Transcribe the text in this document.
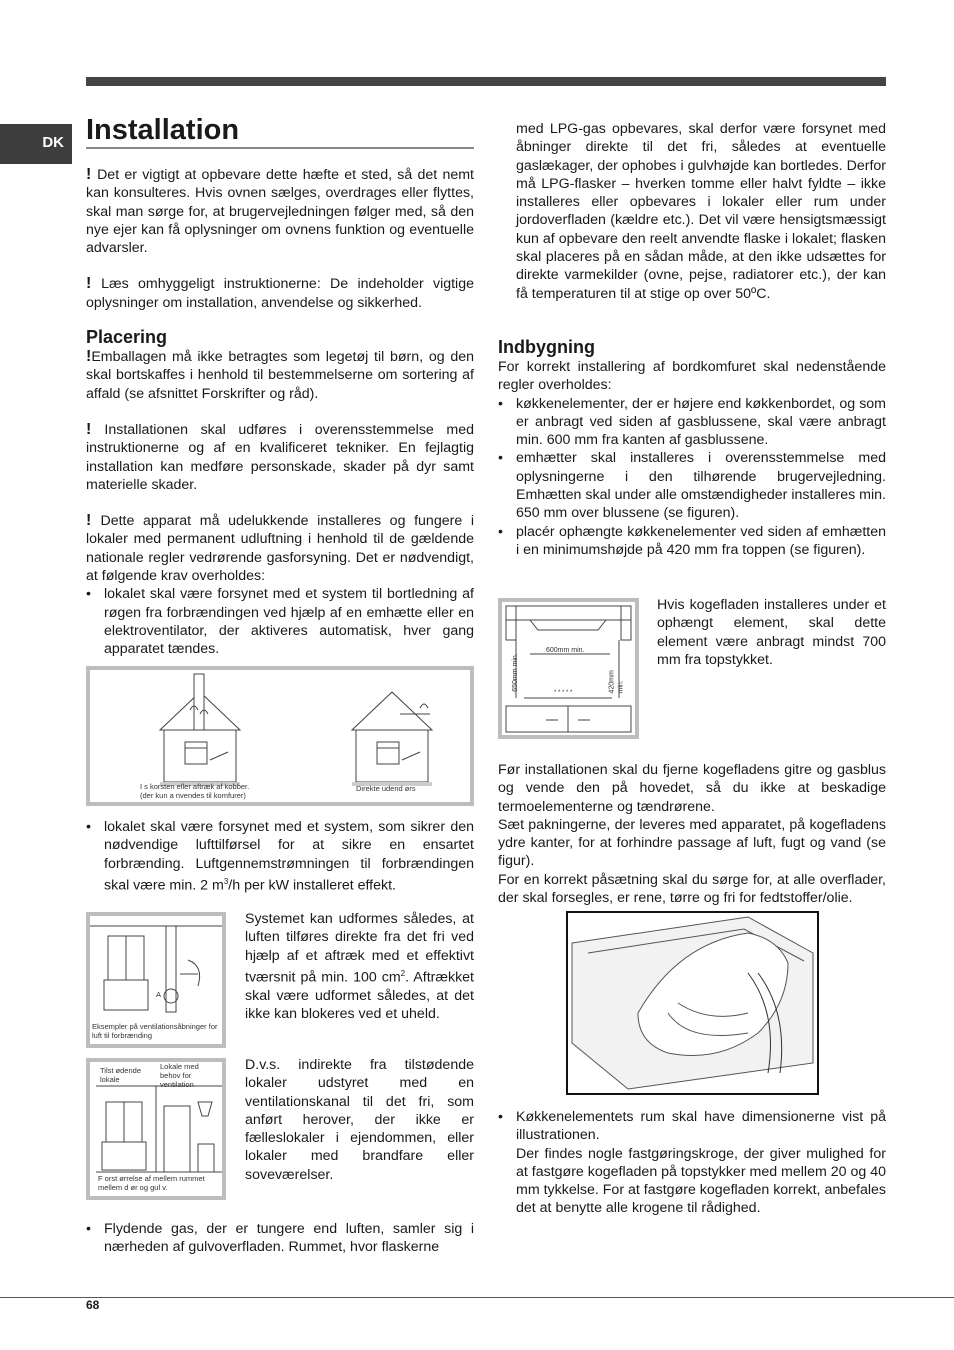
DK Installation

! Det er vigtigt at opbevare dette hæfte et sted, så det nemt kan konsulteres. Hvis ovnen sælges, overdrages eller flyttes, skal man sørge for, at brugervejledningen følger med, så den nye ejer kan få oplysninger om ovnens funktion og eventuelle advarsler.

! Læs omhyggeligt instruktionerne: De indeholder vigtige oplysninger om installation, anvendelse og sikkerhed.

Placering

!Emballagen må ikke betragtes som legetøj til børn, og den skal bortskaffes i henhold til bestemmelserne om sortering af affald (se afsnittet Forskrifter og råd).

! Installationen skal udføres i overensstemmelse med instruktionerne og af en kvalificeret tekniker. En fejlagtig installation kan medføre personskade, skader på dyr samt materielle skader.

! Dette apparat må udelukkende installeres og fungere i lokaler med permanent udluftning i henhold til de gældende nationale regler vedrørende gasforsyning. Det er nødvendigt, at følgende krav overholdes:

• lokalet skal være forsynet med et system til bortledning af røgen fra forbrændingen ved hjælp af en emhætte eller en elektroventilator, der aktiveres automatisk, hver gang apparatet tændes.
I s korsten eller aftræk af kobber.
(der kun a nvendes til komfurer)
Direkte udend ørs
• lokalet skal være forsynet med et system, som sikrer den nødvendige lufttilførsel for at sikre en ensartet forbrænding. Luftgennemstrømningen til forbrændingen skal være min. 2 $m^3/h$ per kW installeret effekt.
A
Eksempler på ventilationsåbninger for luft til forbrænding

Systemet kan udformes således, at luften tilføres direkte fra det fri ved hjælp af et aftræk med et effektivt tværsnit på min. 100 $cm^2$. Aftrækket skal være udformet således, at det ikke kan blokeres ved et uheld.

Tilst ødende lokale
Lokale med behov for ventilation
F orst ørrelse af mellem rummet mellem d ør og gul v.

D.v.s. indirekte fra tilstødende lokaler udstyret med en ventilationskanal til det fri, som anført herover, der ikke er fælleslokaler i ejendommen, eller lokaler med brandfare eller soveværelser.

• Flydende gas, der er tungere end luften, samler sig i nærheden af gulvoverfladen. Rummet, hvor flaskerne

med LPG-gas opbevares, skal derfor være forsynet med åbninger direkte til det fri, således at eventuelle gaslækager, der ophobes i gulvhøjde kan bortledes. Derfor må LPG-flasker – hverken tomme eller halvt fyldte – ikke installeres eller opbevares i lokaler eller rum under jordoverfladen (kældre etc.). Det vil være hensigtsmæssigt kun af opbevare den reelt anvendte flaske i lokalet; flasken skal placeres på en sådan måde, at den ikke udsættes for direkte varmekilder (ovne, pejse, radiatorer etc.), der kan få temperaturen til at stige op over 50ºC.

Indbygning

For korrekt installering af bordkomfuret skal nedenstående regler overholdes:

• køkkenelementer, der er højere end køkkenbordet, og som er anbragt ved siden af gasblussene, skal være anbragt min. 600 mm fra kanten af gasblussene.
• emhætter skal installeres i overensstemmelse med oplysningerne i den tilhørende brugervejledning. Emhætten skal under alle omstændigheder installeres min. 650 mm over blussene (se figuren).
• placér ophængte køkkenelementer ved siden af emhætten i en minimumshøjde på 420 mm fra toppen (se figuren).
* * * * *
600mm min.
650mm min.	420mm min.

Hvis kogefladen installeres under et ophængt element, skal dette element være anbragt mindst 700 mm fra topstykket.

Før installationen skal du fjerne kogefladens gitre og gasblus og vende den på hovedet, så du ikke at beskadige termoelementerne og tændrørene.

Sæt pakningerne, der leveres med apparatet, på kogefladens ydre kanter, for at forhindre passage af luft, fugt og vand (se figur).

For en korrekt påsætning skal du sørge for, at alle overflader, der skal forsegles, er rene, tørre og fri for fedtstoffer/olie.

• Køkkenelementets rum skal have dimensionerne vist på illustrationen.
Der findes nogle fastgøringskroge, der giver mulighed for at fastgøre kogefladen på topstykker med mellem 20 og 40 mm tykkelse. For at fastgøre kogefladen korrekt, anbefales det at benytte alle krogene til rådighed.
68
